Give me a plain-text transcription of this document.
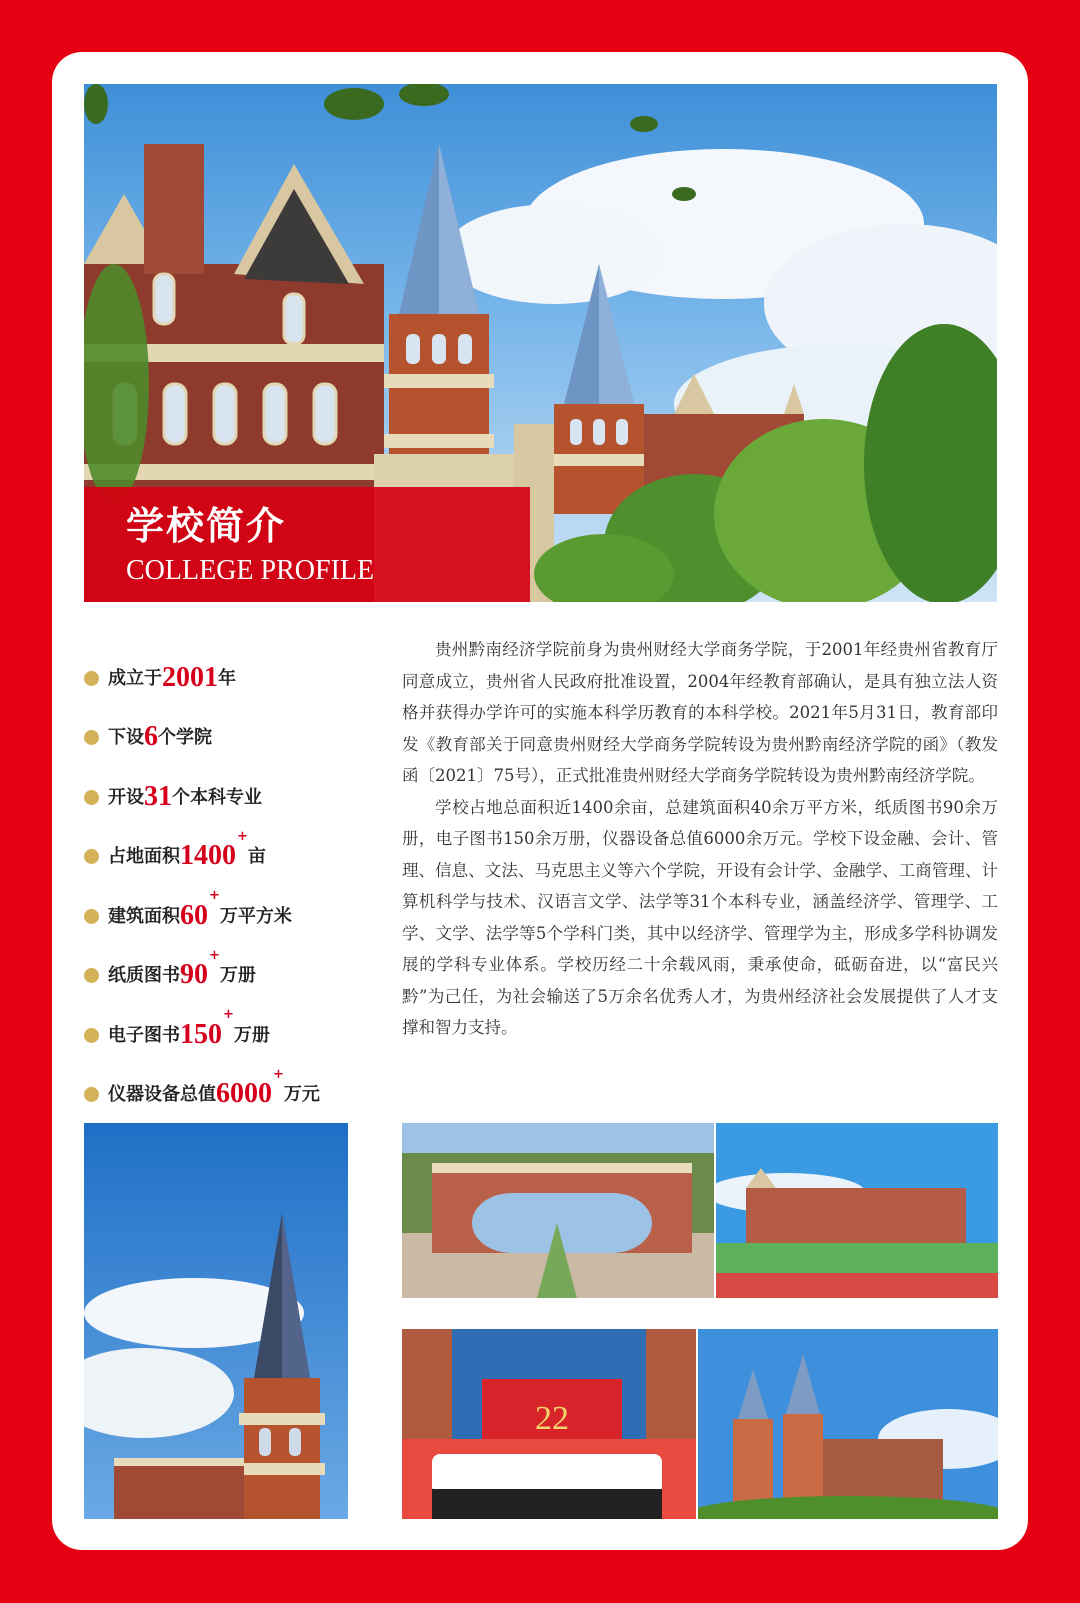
学校简介
COLLEGE PROFILE
成立于 2001 年
下设 6 个学院
开设 31 个本科专业
占地面积 1400
+
亩
建筑面积 60
+
万平方米
纸质图书 90
+
万册
电子图书 150
+
万册
仪器设备总值 6000
+
万元

贵州黔南经济学院前身为贵州财经大学商务学院，于2001年经贵州省教育厅同意成立，贵州省人民政府批准设置，2004年经教育部确认，是具有独立法人资格并获得办学许可的实施本科学历教育的本科学校。2021年5月31日，教育部印发《教育部关于同意贵州财经大学商务学院转设为贵州黔南经济学院的函》（教发函〔2021〕75号），正式批准贵州财经大学商务学院转设为贵州黔南经济学院。

学校占地总面积近1400余亩，总建筑面积40余万平方米，纸质图书90余万册，电子图书150余万册，仪器设备总值6000余万元。学校下设金融、会计、管理、信息、文法、马克思主义等六个学院，开设有会计学、金融学、工商管理、计算机科学与技术、汉语言文学、法学等31个本科专业，涵盖经济学、管理学、工学、文学、法学等5个学科门类，其中以经济学、管理学为主，形成多学科协调发展的学科专业体系。学校历经二十余载风雨，秉承使命，砥砺奋进，以“富民兴黔”为己任，为社会输送了5万余名优秀人才，为贵州经济社会发展提供了人才支撑和智力支持。

22
